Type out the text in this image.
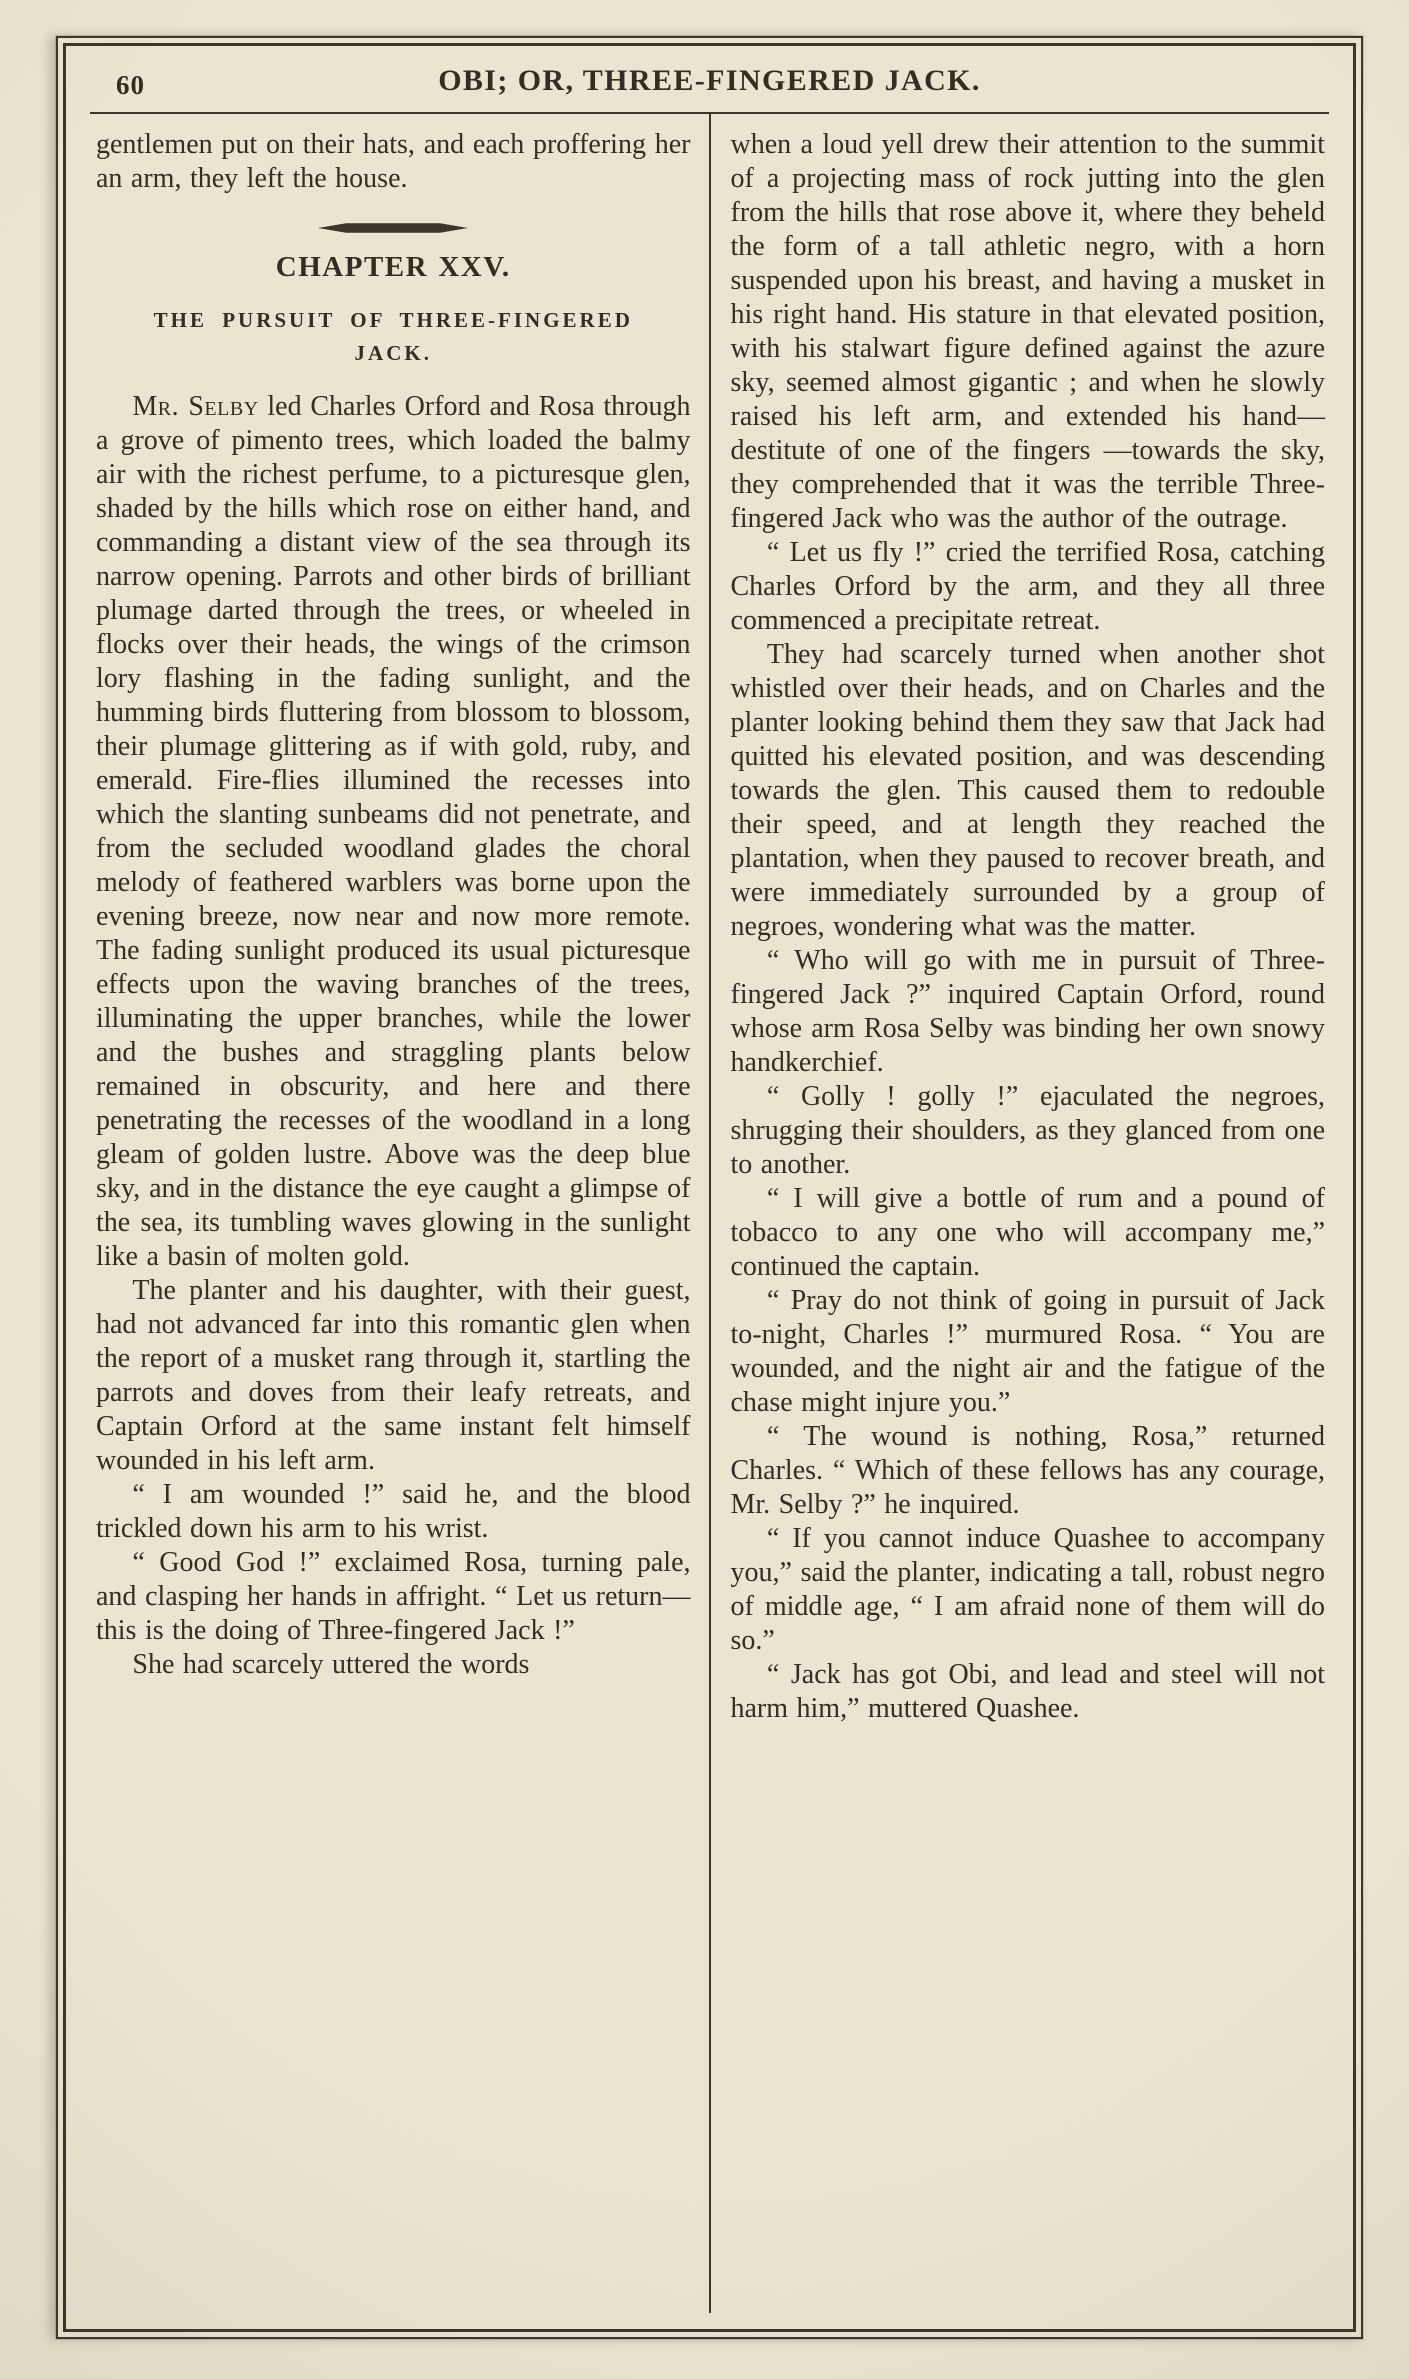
60	OBI; OR, THREE-FINGERED JACK.

gentlemen put on their hats, and each proffering her an arm, they left the house.

CHAPTER XXV.
THE PURSUIT OF THREE-FINGERED
JACK.

Mr. Selby led Charles Orford and Rosa through a grove of pimento trees, which loaded the balmy air with the richest perfume, to a picturesque glen, shaded by the hills which rose on either hand, and commanding a distant view of the sea through its narrow opening. Parrots and other birds of brilliant plumage darted through the trees, or wheeled in flocks over their heads, the wings of the crimson lory flashing in the fading sunlight, and the humming birds fluttering from blossom to blossom, their plumage glittering as if with gold, ruby, and emerald. Fire-flies illumined the recesses into which the slanting sunbeams did not penetrate, and from the secluded woodland glades the choral melody of feathered warblers was borne upon the evening breeze, now near and now more remote. The fading sunlight produced its usual picturesque effects upon the waving branches of the trees, illuminating the upper branches, while the lower and the bushes and straggling plants below remained in obscurity, and here and there penetrating the recesses of the woodland in a long gleam of golden lustre. Above was the deep blue sky, and in the distance the eye caught a glimpse of the sea, its tumbling waves glowing in the sunlight like a basin of molten gold.

The planter and his daughter, with their guest, had not advanced far into this romantic glen when the report of a musket rang through it, startling the parrots and doves from their leafy retreats, and Captain Orford at the same instant felt himself wounded in his left arm.

“ I am wounded !” said he, and the blood trickled down his arm to his wrist.

“ Good God !” exclaimed Rosa, turning pale, and clasping her hands in affright. “ Let us return—this is the doing of Three-fingered Jack !”

She had scarcely uttered the words

when a loud yell drew their attention to the summit of a projecting mass of rock jutting into the glen from the hills that rose above it, where they beheld the form of a tall athletic negro, with a horn suspended upon his breast, and having a musket in his right hand. His stature in that elevated position, with his stalwart figure defined against the azure sky, seemed almost gigantic ; and when he slowly raised his left arm, and extended his hand—destitute of one of the fingers —towards the sky, they comprehended that it was the terrible Three-fingered Jack who was the author of the outrage.

“ Let us fly !” cried the terrified Rosa, catching Charles Orford by the arm, and they all three commenced a precipitate retreat.

They had scarcely turned when another shot whistled over their heads, and on Charles and the planter looking behind them they saw that Jack had quitted his elevated position, and was descending towards the glen. This caused them to redouble their speed, and at length they reached the plantation, when they paused to recover breath, and were immediately surrounded by a group of negroes, wondering what was the matter.

“ Who will go with me in pursuit of Three-fingered Jack ?” inquired Captain Orford, round whose arm Rosa Selby was binding her own snowy handkerchief.

“ Golly ! golly !” ejaculated the negroes, shrugging their shoulders, as they glanced from one to another.

“ I will give a bottle of rum and a pound of tobacco to any one who will accompany me,” continued the captain.

“ Pray do not think of going in pursuit of Jack to-night, Charles !” murmured Rosa. “ You are wounded, and the night air and the fatigue of the chase might injure you.”

“ The wound is nothing, Rosa,” returned Charles. “ Which of these fellows has any courage, Mr. Selby ?” he inquired.

“ If you cannot induce Quashee to accompany you,” said the planter, indicating a tall, robust negro of middle age, “ I am afraid none of them will do so.”

“ Jack has got Obi, and lead and steel will not harm him,” muttered Quashee.
